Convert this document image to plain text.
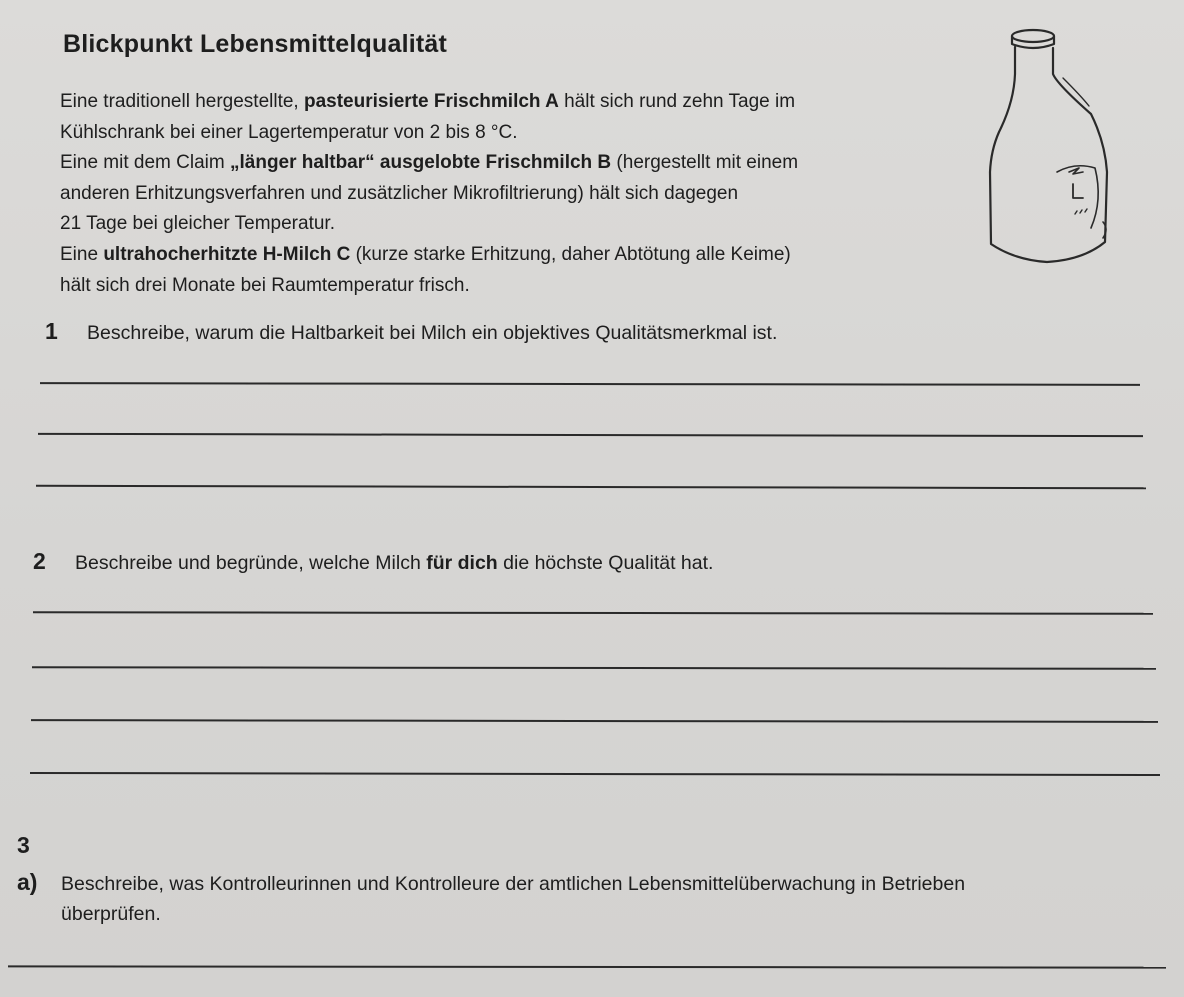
Blickpunkt Lebensmittelqualität

Eine traditionell hergestellte, pasteurisierte Frischmilch A hält sich rund zehn Tage im

Kühlschrank bei einer Lagertemperatur von 2 bis 8 °C.

Eine mit dem Claim „länger haltbar“ ausgelobte Frischmilch B (hergestellt mit einem

anderen Erhitzungsverfahren und zusätzlicher Mikrofiltrierung) hält sich dagegen

21 Tage bei gleicher Temperatur.

Eine ultrahocherhitzte H-Milch C (kurze starke Erhitzung, daher Abtötung alle Keime)

hält sich drei Monate bei Raumtemperatur frisch.

1 Beschreibe, warum die Haltbarkeit bei Milch ein objektives Qualitätsmerkmal ist.
2 Beschreibe und begründe, welche Milch für dich die höchste Qualität hat.
3
a) Beschreibe, was Kontrolleurinnen und Kontrolleure der amtlichen Lebensmittelüberwachung in Betrieben
überprüfen.
